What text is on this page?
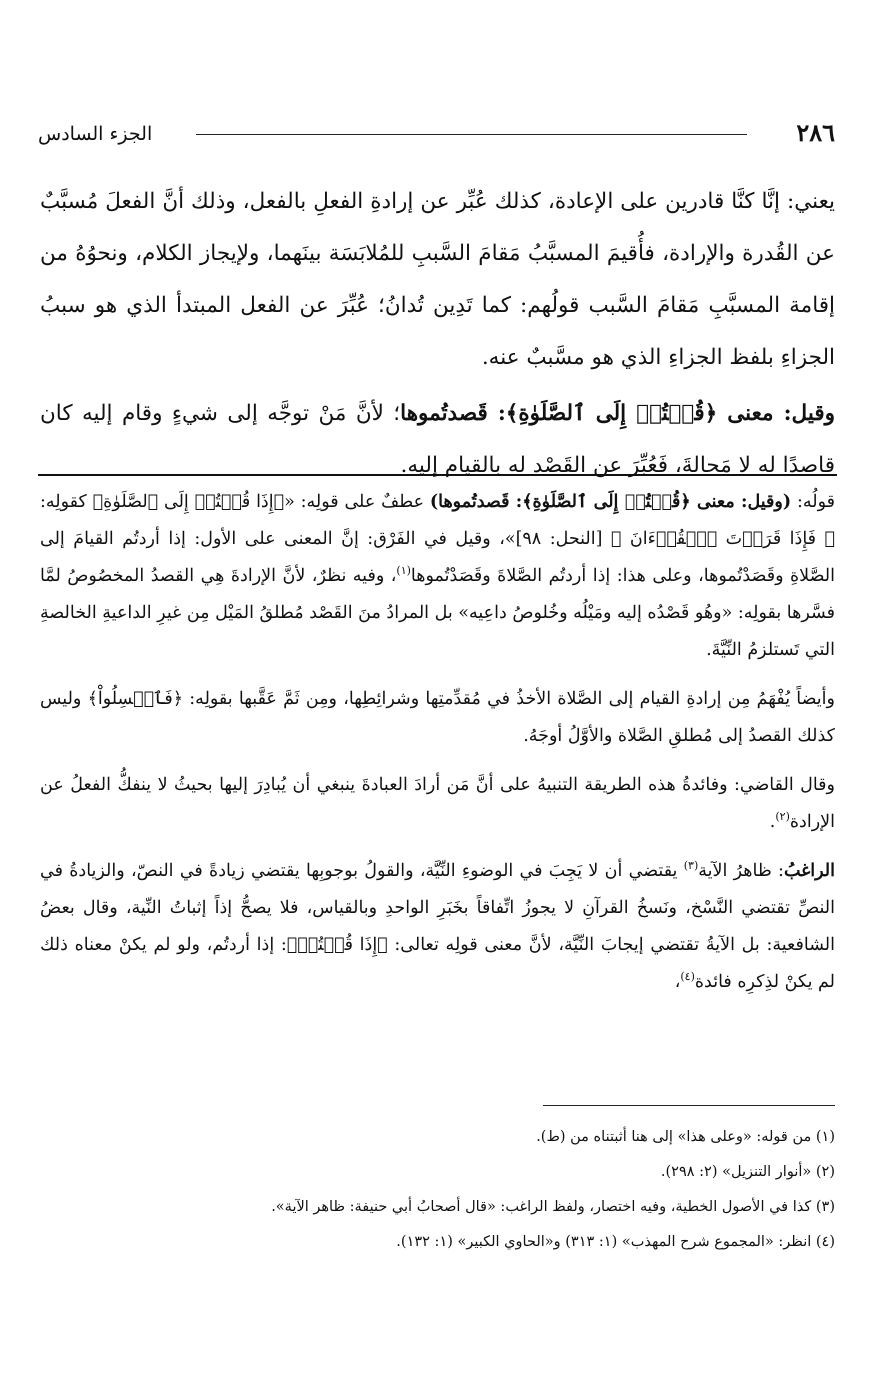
٢٨٦
الجزء السادس

يعني: إنَّا كنَّا قادرين على الإعادة، كذلك عُبِّر عن إرادةِ الفعلِ بالفعل، وذلك أنَّ الفعلَ مُسبَّبٌ عن القُدرة والإرادة، فأُقيمَ المسبَّبُ مَقامَ السَّببِ للمُلابَسَة بينَهما، ولإيجاز الكلام، ونحوُهُ من إقامة المسبَّبِ مَقامَ السَّبب قولُهم: كما تَدِين تُدانُ؛ عُبِّرَ عن الفعل المبتدأ الذي هو سببُ الجزاءِ بلفظ الجزاءِ الذي هو مسَّببٌ عنه.

وقيل: معنى ﴿قُمۡتُمۡ إِلَى ٱلصَّلَوٰةِ﴾: قَصدتُموها؛ لأنَّ مَنْ توجَّه إلى شيءٍ وقام إليه كان قاصدًا له لا مَحالةَ، فَعُبِّرَ عن القَصْد له بالقيام إليه.

قولُه: (وقيل: معنى ﴿قُمۡتُمۡ إِلَى ٱلصَّلَوٰةِ﴾: قَصدتُموها) عطفٌ على قولِه: «﴿إِذَا قُمۡتُمۡ إِلَى ٱلصَّلَوٰةِ﴾ كقولِه: ﴿ فَإِذَا قَرَأۡتَ ٱلۡقُرۡءَانَ ﴾ [النحل: ٩٨]»، وقيل في الفَرْق: إنَّ المعنى على الأول: إذا أردتُم القيامَ إلى الصَّلاةِ وقَصَدْتُموها، وعلى هذا: إذا أردتُم الصَّلاةَ وقَصَدْتُموها$^{(١)}$، وفيه نظرٌ، لأنَّ الإرادةَ هِي القصدُ المخصُوصُ لمَّا فسَّرها بقولِه: «وهُو قَصْدُه إليه ومَيْلُه وخُلوصُ داعِيه» بل المرادُ منَ القَصْد مُطلقُ المَيْل مِن غيرِ الداعيةِ الخالصةِ التي تَستلزمُ النِّيَّةَ.

وأيضاً يُفْهَمُ مِن إرادةِ القيام إلى الصَّلاة الأخذُ في مُقدِّمتِها وشرائِطِها، ومِن ثَمَّ عَقَّبها بقولِه: ﴿فَٱغۡسِلُواْ﴾ وليس كذلك القصدُ إلى مُطلقِ الصَّلاة والأوَّلُ أوجَهُ.

وقال القاضي: وفائدةُ هذه الطريقة التنبيهُ على أنَّ مَن أرادَ العبادةَ ينبغي أن يُبادِرَ إليها بحيثُ لا ينفكُّ الفعلُ عن الإرادة$^{(٢)}$.

الراغبُ: ظاهرُ الآية$^{(٣)}$ يقتضي أن لا يَجِبَ في الوضوءِ النِّيَّة، والقولُ بوجوبِها يقتضي زيادةً في النصّ، والزيادةُ في النصِّ تقتضي النَّسْخ، ونَسخُ القرآنِ لا يجوزُ اتِّفاقاً بخَبَرِ الواحدِ وبالقياس، فلا يصحُّ إذاً إثباتُ النِّية، وقال بعضُ الشافعية: بل الآيةُ تقتضي إيجابَ النِّيَّة، لأنَّ معنى قولِه تعالى: ﴿إِذَا قُمۡتُمۡ﴾: إذا أردتُم، ولو لم يكنْ معناه ذلك لم يكنْ لذِكرِه فائدة$^{(٤)}$،

(١) من قوله: «وعلى هذا» إلى هنا أثبتناه من (ط).

(٢) «أنوار التنزيل» (٢: ٢٩٨).

(٣) كذا في الأصول الخطية، وفيه اختصار، ولفظ الراغب: «قال أصحابُ أبي حنيفة: ظاهر الآية».

(٤) انظر: «المجموع شرح المهذب» (١: ٣١٣) و«الحاوي الكبير» (١: ١٣٢).
